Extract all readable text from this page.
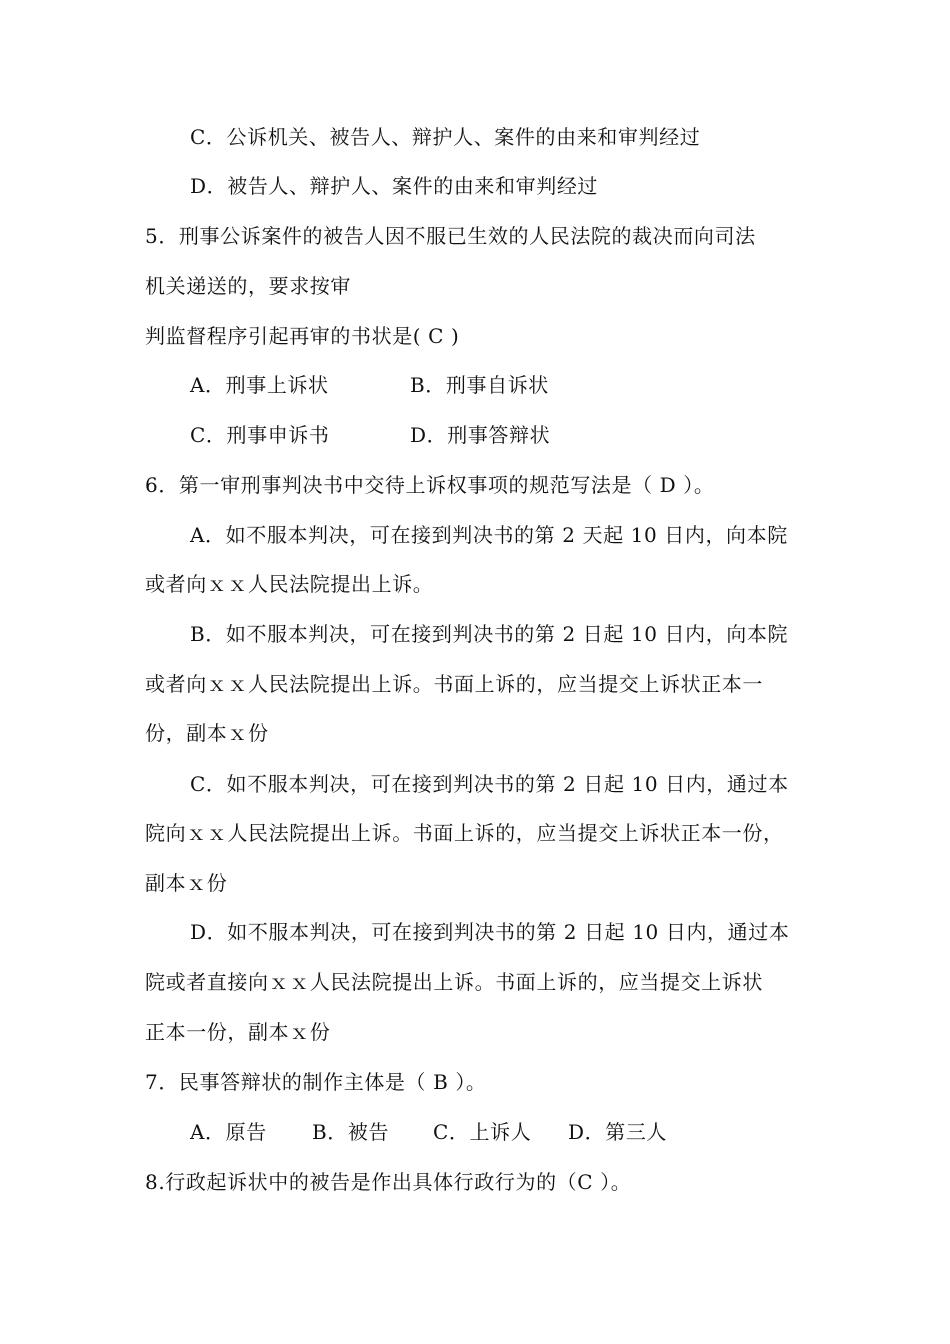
C．公诉机关、被告人、辩护人、案件的由来和审判经过
D．被告人、辩护人、案件的由来和审判经过
5．刑事公诉案件的被告人因不服已生效的人民法院的裁决而向司法
机关递送的，要求按审
判监督程序引起再审的书状是( C )
A．刑事上诉状	B．刑事自诉状
C．刑事申诉书	D．刑事答辩状
6．第一审刑事判决书中交待上诉权事项的规范写法是（ D ）。
A．如不服本判决，可在接到判决书的第 2 天起 10 日内，向本院
或者向ｘｘ人民法院提出上诉。
B．如不服本判决，可在接到判决书的第 2 日起 10 日内，向本院
或者向ｘｘ人民法院提出上诉。书面上诉的，应当提交上诉状正本一
份，副本ｘ份
C．如不服本判决，可在接到判决书的第 2 日起 10 日内，通过本
院向ｘｘ人民法院提出上诉。书面上诉的，应当提交上诉状正本一份，
副本ｘ份
D．如不服本判决，可在接到判决书的第 2 日起 10 日内，通过本
院或者直接向ｘｘ人民法院提出上诉。书面上诉的，应当提交上诉状
正本一份，副本ｘ份
7．民事答辩状的制作主体是（ B ）。
A．原告 B．被告 C．上诉人 D．第三人
8.行政起诉状中的被告是作出具体行政行为的（C ）。
